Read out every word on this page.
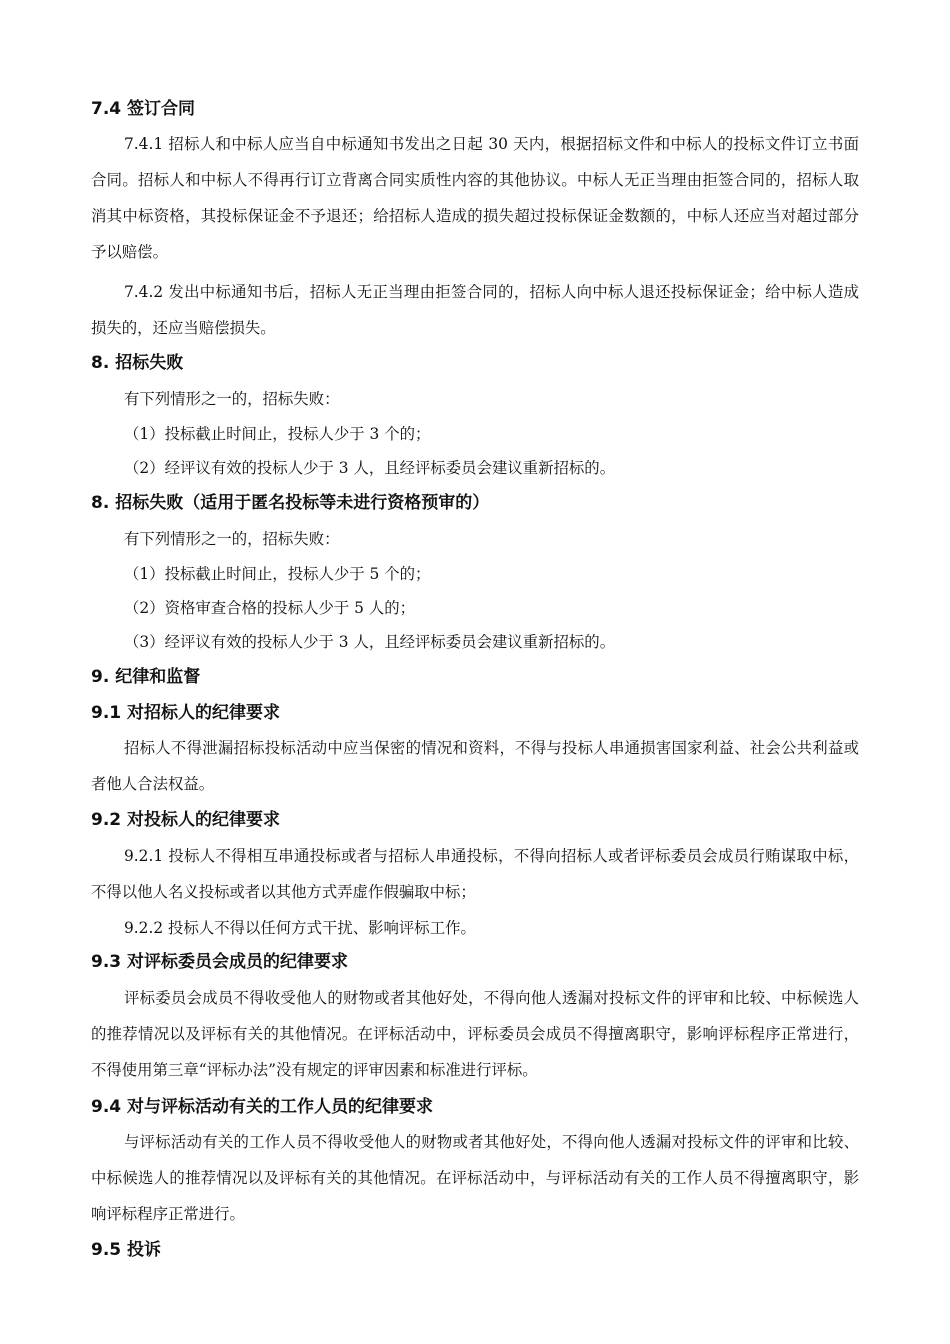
7.4 签订合同

7.4.1 招标人和中标人应当自中标通知书发出之日起 30 天内，根据招标文件和中标人的投标文件订立书面合同。招标人和中标人不得再行订立背离合同实质性内容的其他协议。中标人无正当理由拒签合同的，招标人取消其中标资格，其投标保证金不予退还；给招标人造成的损失超过投标保证金数额的，中标人还应当对超过部分予以赔偿。

7.4.2 发出中标通知书后，招标人无正当理由拒签合同的，招标人向中标人退还投标保证金；给中标人造成损失的，还应当赔偿损失。

8. 招标失败

有下列情形之一的，招标失败：

（1）投标截止时间止，投标人少于 3 个的；

（2）经评议有效的投标人少于 3 人，且经评标委员会建议重新招标的。

8. 招标失败（适用于匿名投标等未进行资格预审的）

有下列情形之一的，招标失败：

（1）投标截止时间止，投标人少于 5 个的；

（2）资格审查合格的投标人少于 5 人的；

（3）经评议有效的投标人少于 3 人，且经评标委员会建议重新招标的。

9. 纪律和监督
9.1 对招标人的纪律要求

招标人不得泄漏招标投标活动中应当保密的情况和资料，不得与投标人串通损害国家利益、社会公共利益或者他人合法权益。

9.2 对投标人的纪律要求

9.2.1 投标人不得相互串通投标或者与招标人串通投标，不得向招标人或者评标委员会成员行贿谋取中标，不得以他人名义投标或者以其他方式弄虚作假骗取中标；

9.2.2 投标人不得以任何方式干扰、影响评标工作。

9.3 对评标委员会成员的纪律要求

评标委员会成员不得收受他人的财物或者其他好处，不得向他人透漏对投标文件的评审和比较、中标候选人的推荐情况以及评标有关的其他情况。在评标活动中，评标委员会成员不得擅离职守，影响评标程序正常进行，不得使用第三章“评标办法”没有规定的评审因素和标准进行评标。

9.4 对与评标活动有关的工作人员的纪律要求

与评标活动有关的工作人员不得收受他人的财物或者其他好处，不得向他人透漏对投标文件的评审和比较、中标候选人的推荐情况以及评标有关的其他情况。在评标活动中，与评标活动有关的工作人员不得擅离职守，影响评标程序正常进行。

9.5 投诉
